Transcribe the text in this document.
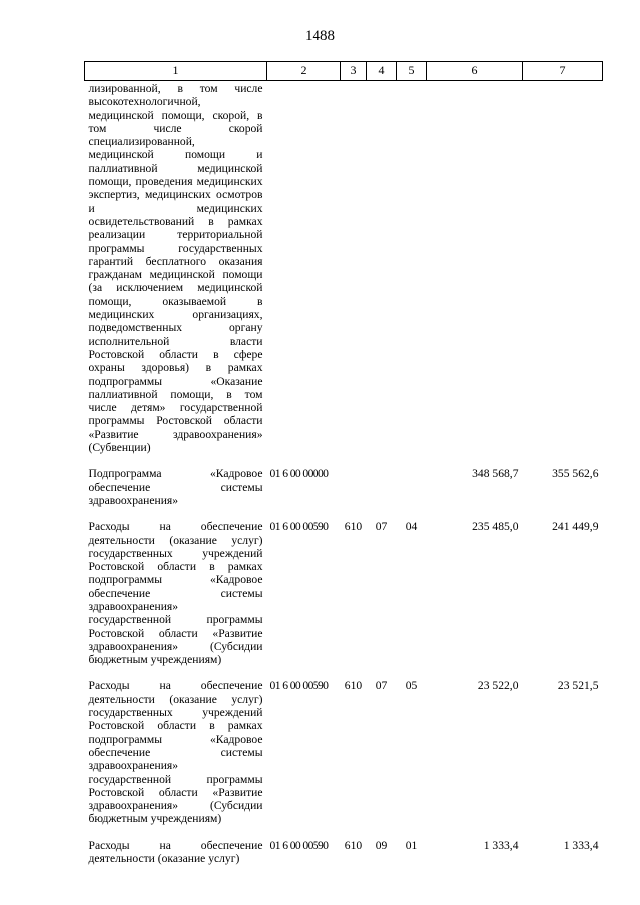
1488
1	2	3	4	5	6	7
лизированной, в том числе высокотехнологичной, медицинской помощи, скорой, в том числе скорой специализированной, медицинской помощи и паллиативной медицинской помощи, проведения медицинских экспертиз, медицинских осмотров и медицинских освидетельствований в рамках реализации территориальной программы государственных гарантий бесплатного оказания гражданам медицинской помощи (за исключением медицинской помощи, оказываемой в медицинских организациях, подведомственных органу исполнительной власти Ростовской области в сфере охраны здоровья) в рамках подпрограммы «Оказание паллиативной помощи, в том числе детям» государственной программы Ростовской области «Развитие здравоохранения» (Субвенции)						
Подпрограмма «Кадровое обеспечение системы здравоохранения»	01 6 00 00000				348 568,7	355 562,6
Расходы на обеспечение деятельности (оказание услуг) государственных учреждений Ростовской области в рамках подпрограммы «Кадровое обеспечение системы здравоохранения» государственной программы Ростовской области «Развитие здравоохранения» (Субсидии бюджетным учреждениям)	01 6 00 00590	610	07	04	235 485,0	241 449,9
Расходы на обеспечение деятельности (оказание услуг) государственных учреждений Ростовской области в рамках подпрограммы «Кадровое обеспечение системы здравоохранения» государственной программы Ростовской области «Развитие здравоохранения» (Субсидии бюджетным учреждениям)	01 6 00 00590	610	07	05	23 522,0	23 521,5
Расходы на обеспечение деятельности (оказание услуг)	01 6 00 00590	610	09	01	1 333,4	1 333,4
